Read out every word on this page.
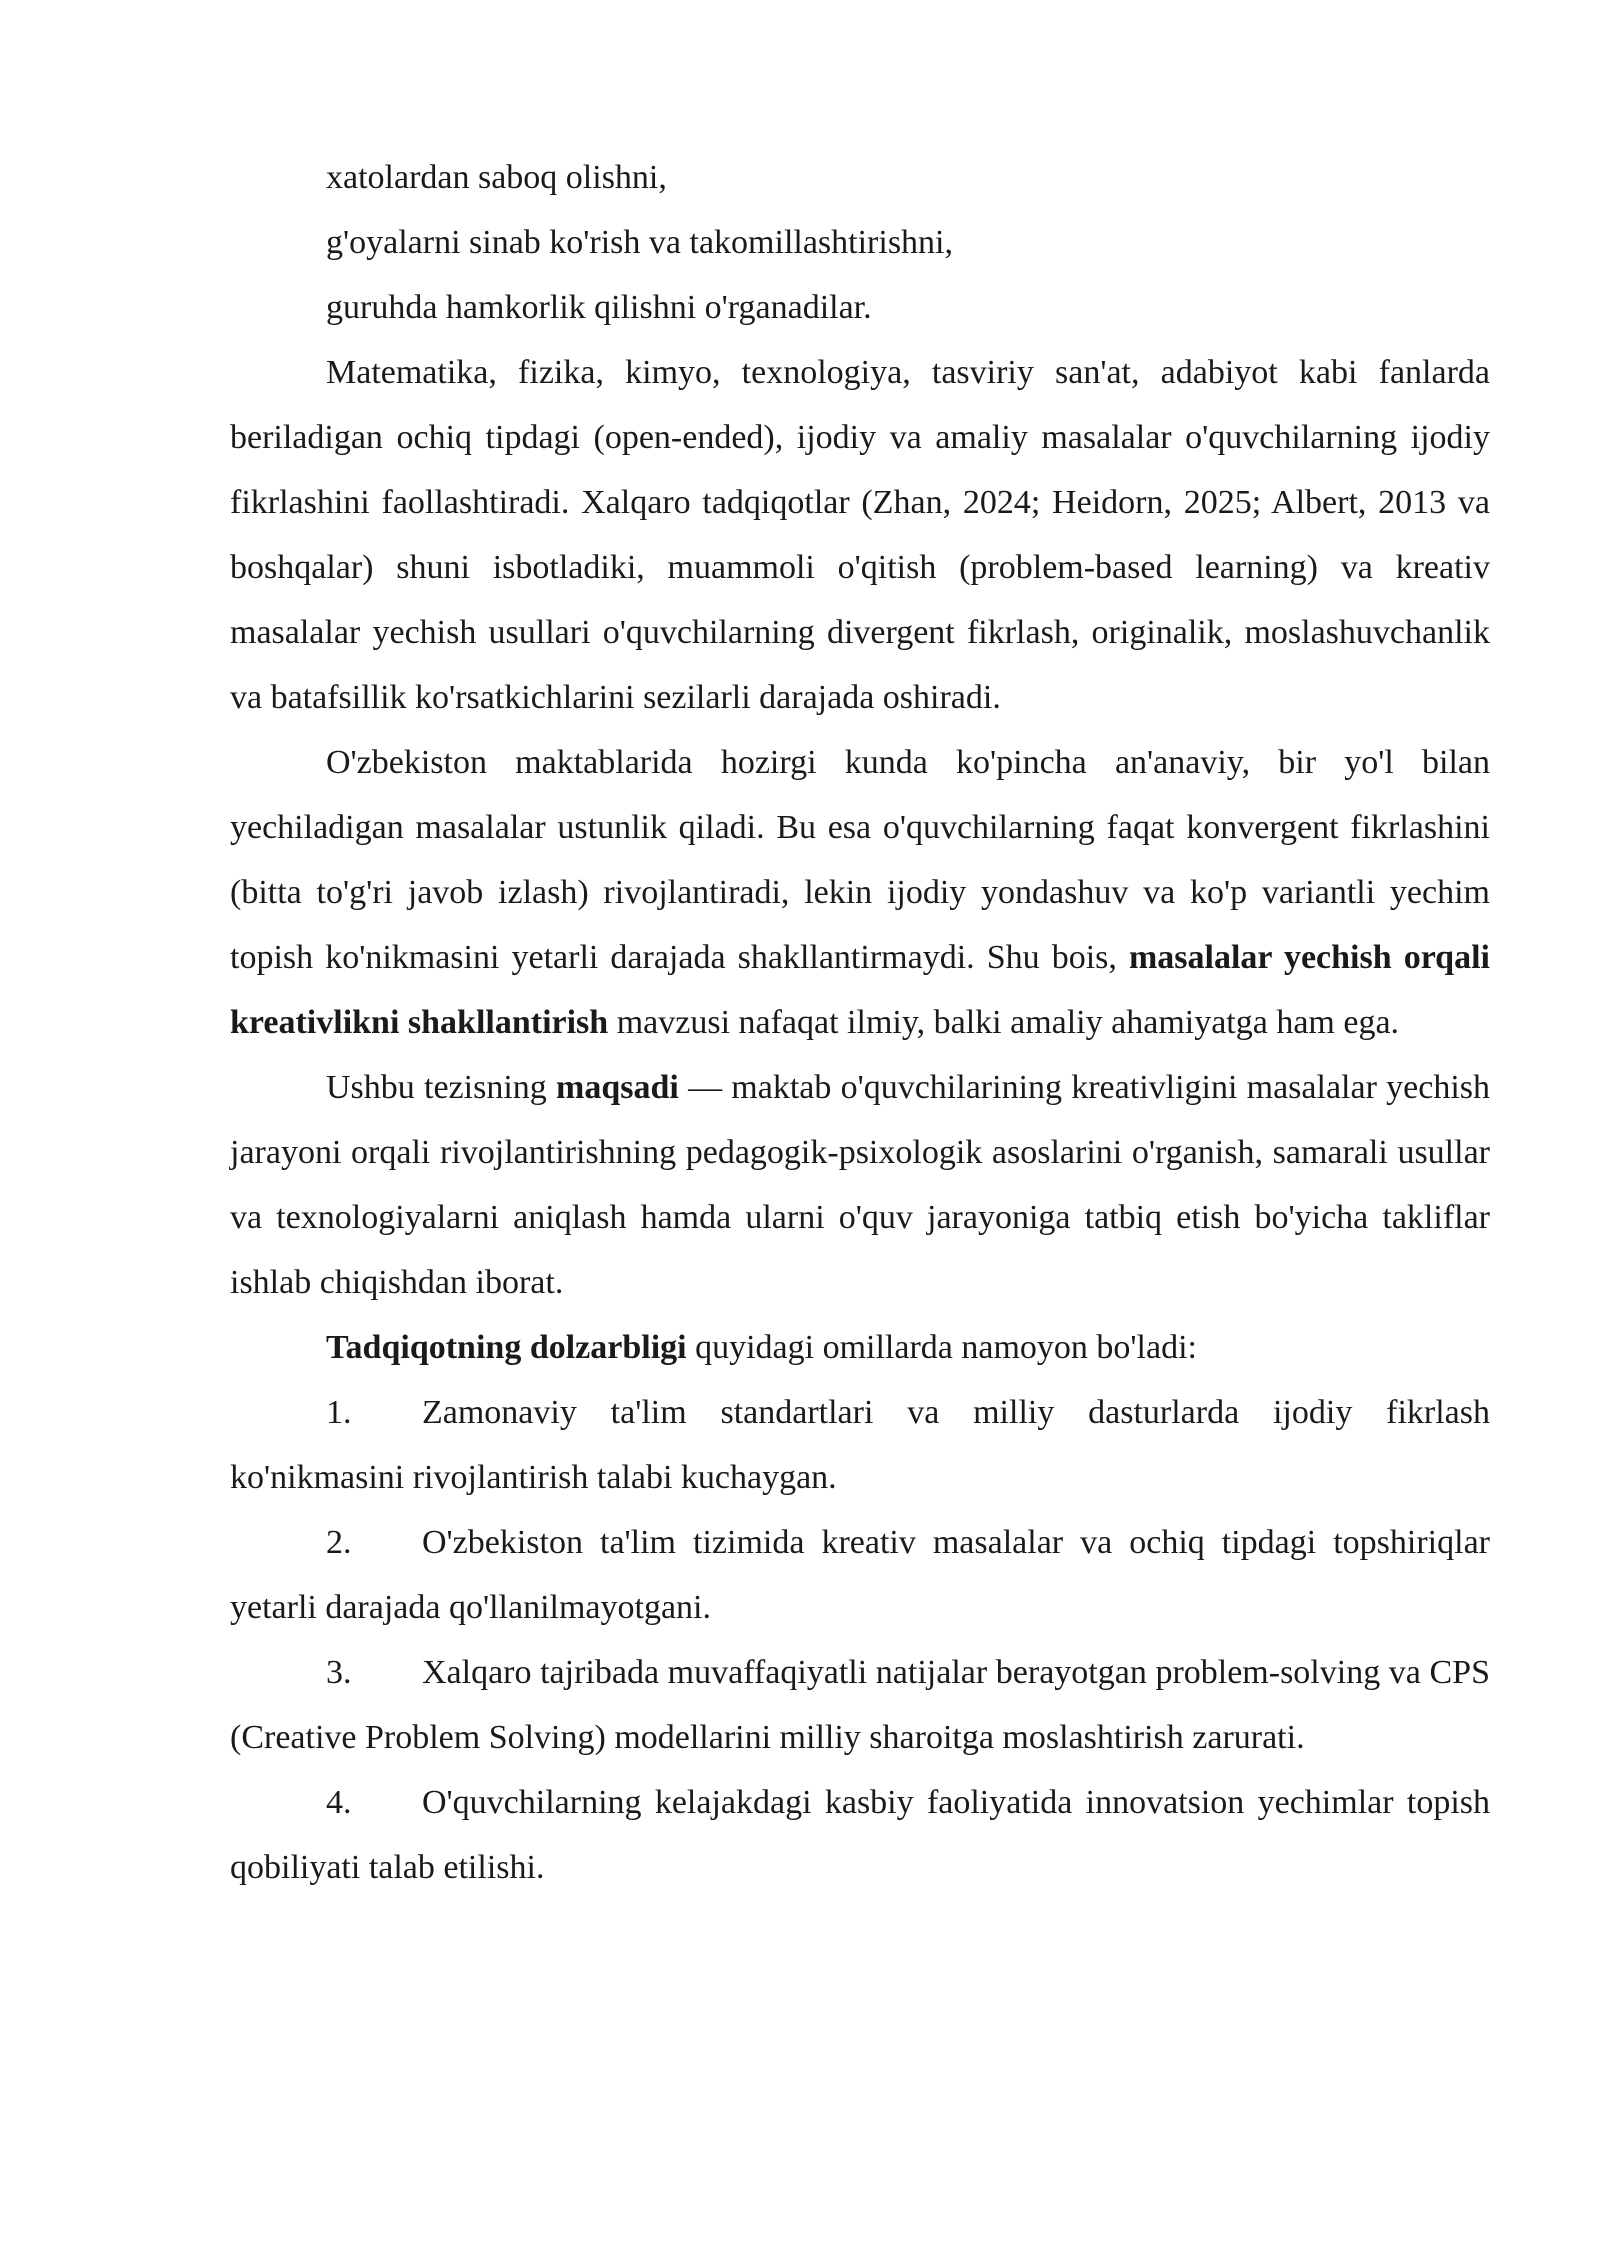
xatolardan saboq olishni,

g'oyalarni sinab ko'rish va takomillashtirishni,

guruhda hamkorlik qilishni o'rganadilar.

Matematika, fizika, kimyo, texnologiya, tasviriy san'at, adabiyot kabi fanlarda beriladigan ochiq tipdagi (open-ended), ijodiy va amaliy masalalar o'quvchilarning ijodiy fikrlashini faollashtiradi. Xalqaro tadqiqotlar (Zhan, 2024; Heidorn, 2025; Albert, 2013 va boshqalar) shuni isbotladiki, muammoli o'qitish (problem-based learning) va kreativ masalalar yechish usullari o'quvchilarning divergent fikrlash, originalik, moslashuvchanlik va batafsillik ko'rsatkichlarini sezilarli darajada oshiradi.

O'zbekiston maktablarida hozirgi kunda ko'pincha an'anaviy, bir yo'l bilan yechiladigan masalalar ustunlik qiladi. Bu esa o'quvchilarning faqat konvergent fikrlashini (bitta to'g'ri javob izlash) rivojlantiradi, lekin ijodiy yondashuv va ko'p variantli yechim topish ko'nikmasini yetarli darajada shakllantirmaydi. Shu bois, masalalar yechish orqali kreativlikni shakllantirish mavzusi nafaqat ilmiy, balki amaliy ahamiyatga ham ega.

Ushbu tezisning maqsadi — maktab o'quvchilarining kreativligini masalalar yechish jarayoni orqali rivojlantirishning pedagogik-psixologik asoslarini o'rganish, samarali usullar va texnologiyalarni aniqlash hamda ularni o'quv jarayoniga tatbiq etish bo'yicha takliflar ishlab chiqishdan iborat.

Tadqiqotning dolzarbligi quyidagi omillarda namoyon bo'ladi:

1. Zamonaviy ta'lim standartlari va milliy dasturlarda ijodiy fikrlash ko'nikmasini rivojlantirish talabi kuchaygan.

2. O'zbekiston ta'lim tizimida kreativ masalalar va ochiq tipdagi topshiriqlar yetarli darajada qo'llanilmayotgani.

3. Xalqaro tajribada muvaffaqiyatli natijalar berayotgan problem-solving va CPS (Creative Problem Solving) modellarini milliy sharoitga moslashtirish zarurati.

4. O'quvchilarning kelajakdagi kasbiy faoliyatida innovatsion yechimlar topish qobiliyati talab etilishi.
